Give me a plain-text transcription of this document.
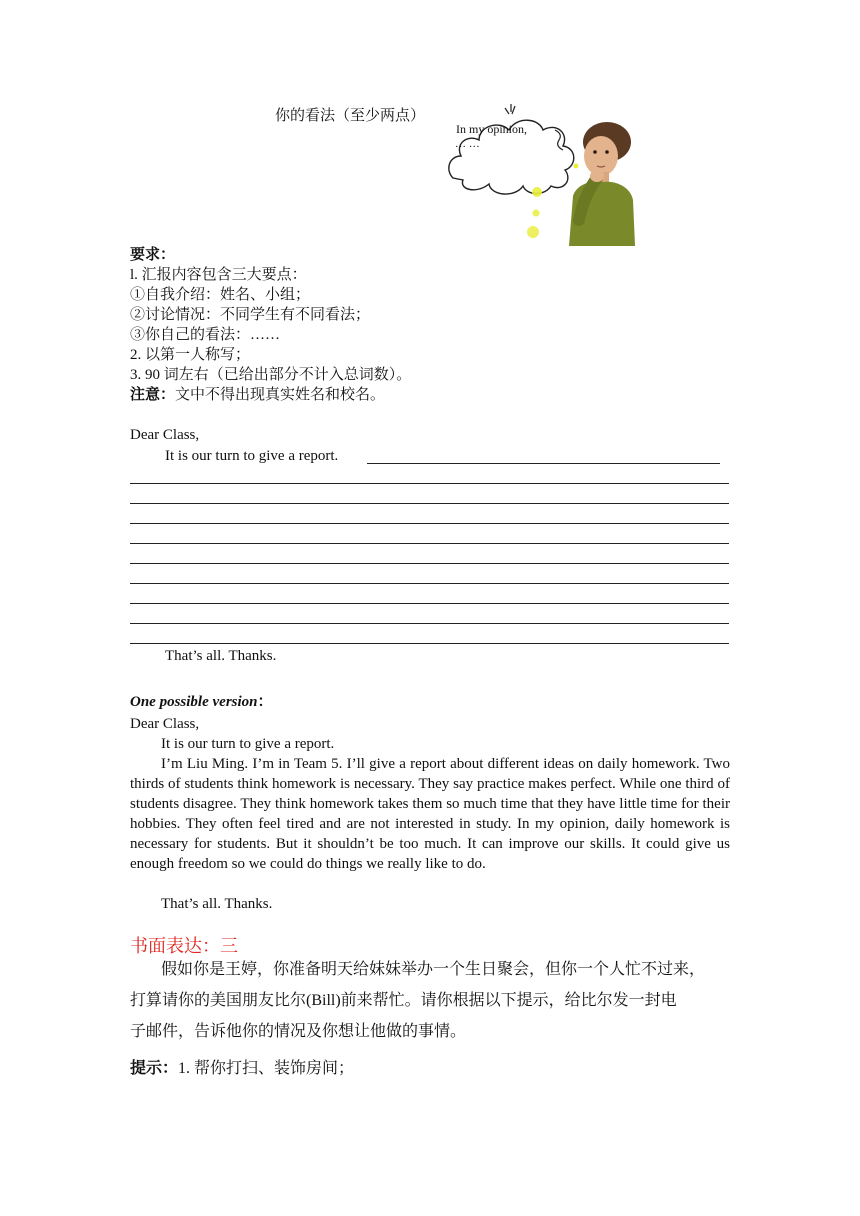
你的看法（至少两点）
In my opinion,
… …
要求：
l. 汇报内容包含三大要点：
①自我介绍：姓名、小组；
②讨论情况：不同学生有不同看法；
③你自己的看法：……
2. 以第一人称写；
3. 90 词左右（已给出部分不计入总词数）。
注意：文中不得出现真实姓名和校名。
Dear Class,
It is our turn to give a report.
That’s all. Thanks.
One possible version：
Dear Class,
It is our turn to give a report.
I’m Liu Ming. I’m in Team 5. I’ll give a report about different ideas on daily homework. Two thirds of students think homework is necessary. They say practice makes perfect. While one third of students disagree. They think homework takes them so much time that they have little time for their hobbies. They often feel tired and are not interested in study. In my opinion, daily homework is necessary for students. But it shouldn’t be too much. It can improve our skills. It could give us enough freedom so we could do things we really like to do.
That’s all. Thanks.
书面表达：三
假如你是王婷，你准备明天给妹妹举办一个生日聚会，但你一个人忙不过来，
打算请你的美国朋友比尔(Bill)前来帮忙。请你根据以下提示，给比尔发一封电
子邮件，告诉他你的情况及你想让他做的事情。
提示：1. 帮你打扫、装饰房间；
